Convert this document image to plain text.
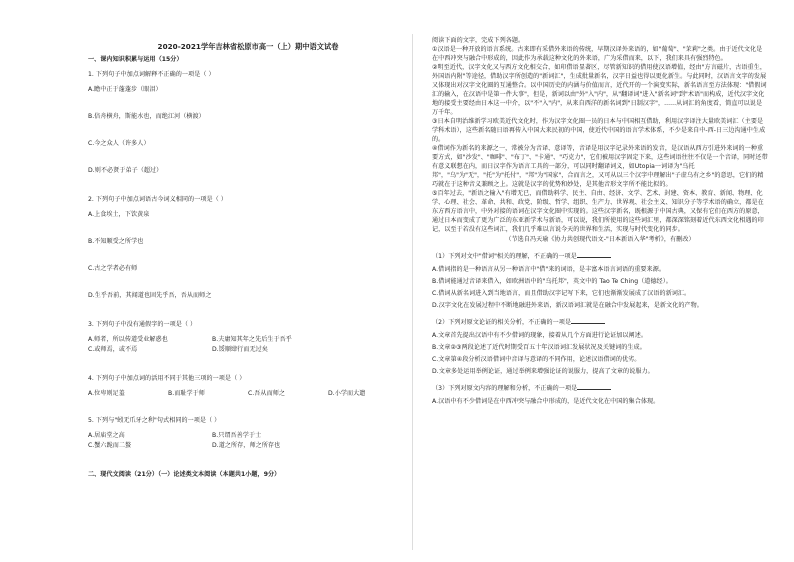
2020-2021学年吉林省松原市高一（上）期中语文试卷
一、课内知识积累与运用（15分）
1. 下列句子中加点词解释不正确的一项是（ ）
A.瞻中正于蓬蓬步（眼泪）
B.倍舟横舟，斯能水也，而绝江河（横渡）
C.今之众人（许多人）
D.则不必贤于弟子（超过）
2. 下列句子中加点词语古今词义相同的一项是（ ）
A.上食埃土，下饮黄泉
B.不知顺受之所学也
C.古之学者必有师
D.生乎吾前，其闻道也固先乎吾，吾从而师之
3. 下列句子中没有通假字的一项是（ ）
A.师者，所以传道受业解惑也	B.夫庸知其年之先后生于吾乎
C.或师焉，或不焉	D.馁顺肆行而无过矣
4. 下列句子中加点词的活用不同于其他三项的一项是（ ）
A.位卑则足羞	B.而耻学于师	C.吾从而师之	D.小学而大遗
5. 下列与"蚓无爪牙之利"句式相同的一项是（ ）
A.居庙堂之高	B.只谓吾善学于士
C.蟹六跪而二螯	D.道之所存，师之所存也
二、现代文阅读（21分）（一）论述类文本阅读（本题共1小题，9分）
阅读下面的文字，完成下列各题。
①汉语是一种开放的语言系统。古来即有采借外来语的传统，早期汉译外来语的，如"葡萄"、"茉莉"之类。由于近代文化是在中西冲突与融合中形成的，因此作为承载这种文化的外来语，广为采借而来，以下，我们来具有强烈特色。
②明至近代，汉字文化又与西方文化相交合，如印借语显著区，尽管新知识的借用使汉语增值，经由"方言磁片，古语重生，外国语内附"等途径，借助汉字所创造的"新词汇"，生成批量新名，汉字日益也得以更化新生。与此同时，汉语言文字的发展又体现出对汉字文化圈的互通整合。以中国历史的内涵与价值而言，近代开的一个演变实际，新名语言至方法体现："借假词汇的输入，在汉语中是第一件大事"，但是，新词以由"外"入"内"，从"翻译词"进入"新名词"到"术语"而构成，近代汉字文化地的接受主要经由日本这一中介，以"不"入"内"，从来自西洋的新名词到"日制汉字"，......从词汇的角度看，简直可以说是万千年。
③日本自明治维新学习欧美近代文化时，作为汉字文化圈一员的日本与中国相互借助，利用汉字译注大量欧美词汇（主要是学科术语），这些新名随日语再传入中国大来民初的中国，使近代中国的语言学术体系，不少是来自中-西-日三边沟通中生成的。
④借词作为新名的来源之一，常被分为音译、意译等，音译是用汉字记录外来语的发音，是汉语从西方引进外来词的一种重要方式，如"沙发"、"咖啡"、"布丁"、"卡通"、"巧克力"，它们被用汉字固定下来，这些词语往往不仅是一个音译，同时还带有意义联想在内，而日汉字作为语言工具的一部分，可以同时翻译词义，如Utopia一词译为"乌托邦"，"乌"为"无"，"托"为"托付"，"邦"为"国家"，合而言之，又可从以三个汉字中理解出"子虚乌有之乡"的意思，它们的精巧就在于这种音义兼顾之上。这就是汉字的优势和妙处，是其他音形文字所不能比拟的。
⑤百年过去，"新语之输入"有增无已，而借助料学、民主、自由、经济、文学、艺术、封建、资本、教育、新闻、物理、化学、心理、社会、革命、共和、政党、阶级、哲学、组织、生产力、世界观、社会主义、知识分子等学术语的确立，都是在东方西方语言中，中外对接的语词在汉字文化圈中实现的。这些汉字新名，既根源于中国古典，又保有它们在西方的原意，通过日本而变成了更为广泛的东亚新学术与新语，可以说，我们所使用的这些词汇里，都深深铭刻着近代东西文化相遇的印记，以至于若没有这些词汇，我们几乎难以言说今天的世界和生活，实现与时代变化的同步。
（节选自冯天瑜《协力共创现代语文-"日本新语入华"考析》，有删改）
（1）下列对文中"借词"相关的理解，不正确的一项是
A.借词指的是一种语言从另一种语言中"借"来的词语，是丰富本语言词语的重要来源。
B.借词能通过音译来借入，如欧洲语中的"乌托邦"，英文中的 Tao Te Ching（道德经）。
C.借词从新名词进入到当地语言，而且借助汉字记写下来，它们也渐渐发展成了汉语的新词汇。
D.汉字文化在发展过程中不断地融进外来语，新汉语词汇就是在融合中发展起来，是新文化的产物。
（2）下列对原文论证的相关分析，不正确的一项是
A.文章首先提出汉语中有不少借词的现象，接着从几个方面进行论证加以阐述。
B.文章②③两段论述了近代时期受百五十年汉语词汇发展状况及关键词的生成。
C.文章第④段分析汉语借词中音译与意译的不同作用，论述汉语借词的优劣。
D.文章多处运用举例论证，通过举例来增强论证的说服力，提高了文章的说服力。
（3）下列对原文内容的理解和分析，不正确的一项是
A.汉语中有不少借词是在中西冲突与融合中形成的，是近代文化在中国的集合体现。
